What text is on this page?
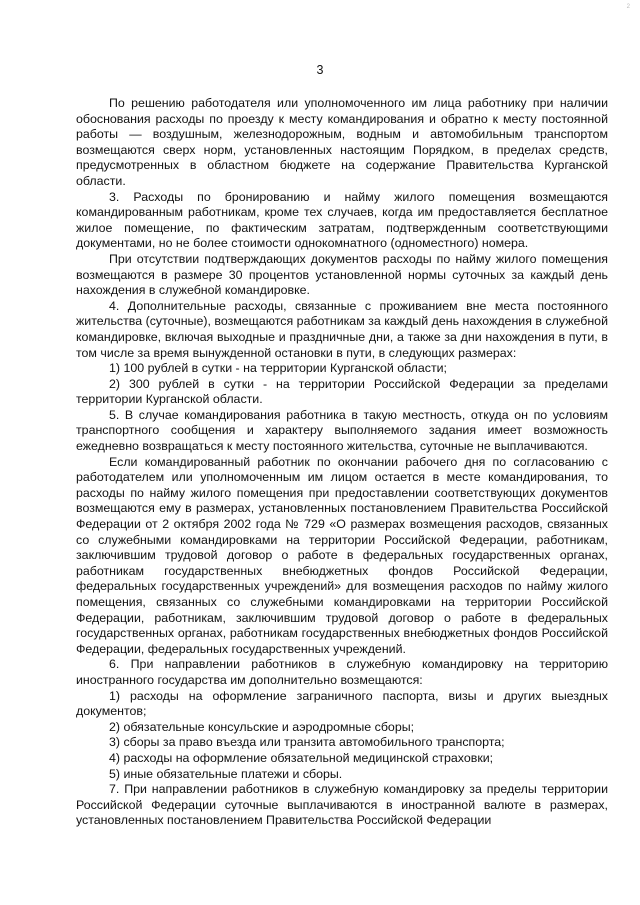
2
3

По решению работодателя или уполномоченного им лица работнику при наличии обоснования расходы по проезду к месту командирования и обратно к месту постоянной работы — воздушным, железнодорожным, водным и автомобильным транспортом возмещаются сверх норм, установленных настоящим Порядком, в пределах средств, предусмотренных в областном бюджете на содержание Правительства Курганской области.

3. Расходы по бронированию и найму жилого помещения возмещаются командированным работникам, кроме тех случаев, когда им предоставляется бесплатное жилое помещение, по фактическим затратам, подтвержденным соответствующими документами, но не более стоимости однокомнатного (одноместного) номера.

При отсутствии подтверждающих документов расходы по найму жилого помещения возмещаются в размере 30 процентов установленной нормы суточных за каждый день нахождения в служебной командировке.

4. Дополнительные расходы, связанные с проживанием вне места постоянного жительства (суточные), возмещаются работникам за каждый день нахождения в служебной командировке, включая выходные и праздничные дни, а также за дни нахождения в пути, в том числе за время вынужденной остановки в пути, в следующих размерах:

1) 100 рублей в сутки - на территории Курганской области;

2) 300 рублей в сутки - на территории Российской Федерации за пределами территории Курганской области.

5. В случае командирования работника в такую местность, откуда он по условиям транспортного сообщения и характеру выполняемого задания имеет возможность ежедневно возвращаться к месту постоянного жительства, суточные не выплачиваются.

Если командированный работник по окончании рабочего дня по согласованию с работодателем или уполномоченным им лицом остается в месте командирования, то расходы по найму жилого помещения при предоставлении соответствующих документов возмещаются ему в размерах, установленных постановлением Правительства Российской Федерации от 2 октября 2002 года № 729 «О размерах возмещения расходов, связанных со служебными командировками на территории Российской Федерации, работникам, заключившим трудовой договор о работе в федеральных государственных органах, работникам государственных внебюджетных фондов Российской Федерации, федеральных государственных учреждений» для возмещения расходов по найму жилого помещения, связанных со служебными командировками на территории Российской Федерации, работникам, заключившим трудовой договор о работе в федеральных государственных органах, работникам государственных внебюджетных фондов Российской Федерации, федеральных государственных учреждений.

6. При направлении работников в служебную командировку на территорию иностранного государства им дополнительно возмещаются:

1) расходы на оформление заграничного паспорта, визы и других выездных документов;

2) обязательные консульские и аэродромные сборы;

3) сборы за право въезда или транзита автомобильного транспорта;

4) расходы на оформление обязательной медицинской страховки;

5) иные обязательные платежи и сборы.

7. При направлении работников в служебную командировку за пределы территории Российской Федерации суточные выплачиваются в иностранной валюте в размерах, установленных постановлением Правительства Российской Федерации
